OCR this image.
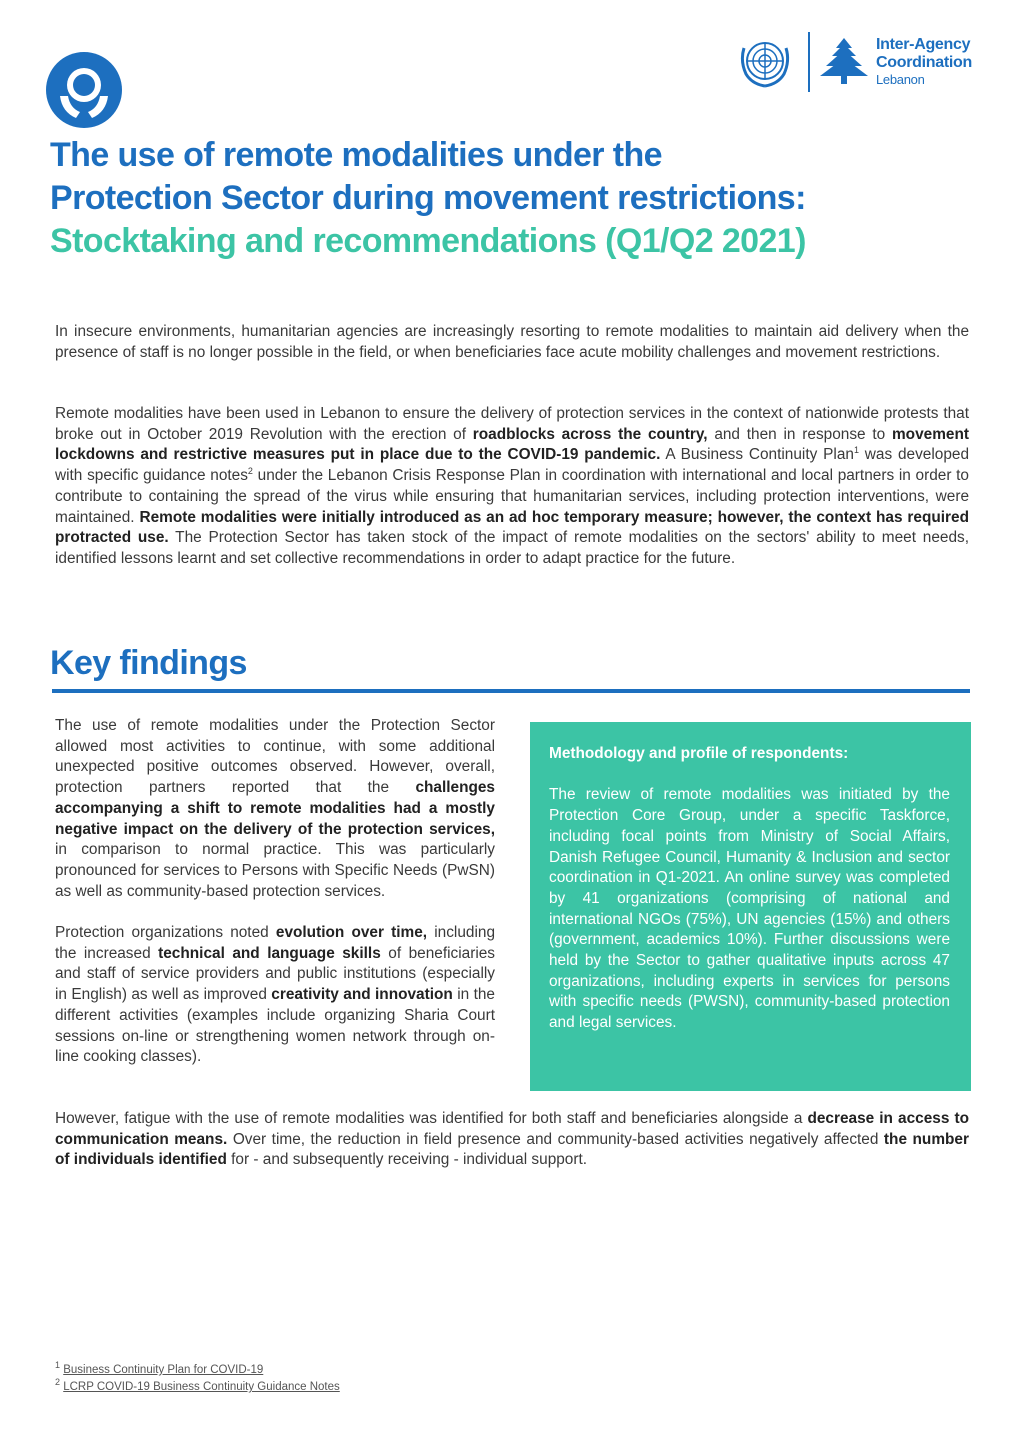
Inter-Agency
Coordination
Lebanon
The use of remote modalities under the
Protection Sector during movement restrictions:
Stocktaking and recommendations (Q1/Q2 2021)

In insecure environments, humanitarian agencies are increasingly resorting to remote modalities to maintain aid delivery when the presence of staff is no longer possible in the field, or when beneficiaries face acute mobility challenges and movement restrictions.

Remote modalities have been used in Lebanon to ensure the delivery of protection services in the context of nationwide protests that broke out in October 2019 Revolution with the erection of roadblocks across the country, and then in response to movement lockdowns and restrictive measures put in place due to the COVID-19 pandemic. A Business Continuity Plan$^1$ was developed with specific guidance notes$^2$ under the Lebanon Crisis Response Plan in coordination with international and local partners in order to contribute to containing the spread of the virus while ensuring that humanitarian services, including protection interventions, were maintained. Remote modalities were initially introduced as an ad hoc temporary measure; however, the context has required protracted use. The Protection Sector has taken stock of the impact of remote modalities on the sectors' ability to meet needs, identified lessons learnt and set collective recommendations in order to adapt practice for the future.

Key findings

The use of remote modalities under the Protection Sector allowed most activities to continue, with some additional unexpected positive outcomes observed. However, overall, protection partners reported that the challenges accompanying a shift to remote modalities had a mostly negative impact on the delivery of the protection services, in comparison to normal practice. This was particularly pronounced for services to Persons with Specific Needs (PwSN) as well as community-based protection services.

Protection organizations noted evolution over time, including the increased technical and language skills of beneficiaries and staff of service providers and public institutions (especially in English) as well as improved creativity and innovation in the different activities (examples include organizing Sharia Court sessions on-line or strengthening women network through on-line cooking classes).

Methodology and profile of respondents:
The review of remote modalities was initiated by the Protection Core Group, under a specific Taskforce, including focal points from Ministry of Social Affairs, Danish Refugee Council, Humanity & Inclusion and sector coordination in Q1-2021. An online survey was completed by 41 organizations (comprising of national and international NGOs (75%), UN agencies (15%) and others (government, academics 10%). Further discussions were held by the Sector to gather qualitative inputs across 47 organizations, including experts in services for persons with specific needs (PWSN), community-based protection and legal services.

However, fatigue with the use of remote modalities was identified for both staff and beneficiaries alongside a decrease in access to communication means. Over time, the reduction in field presence and community-based activities negatively affected the number of individuals identified for - and subsequently receiving - individual support.

$^1$ Business Continuity Plan for COVID-19
$^2$ LCRP COVID-19 Business Continuity Guidance Notes
